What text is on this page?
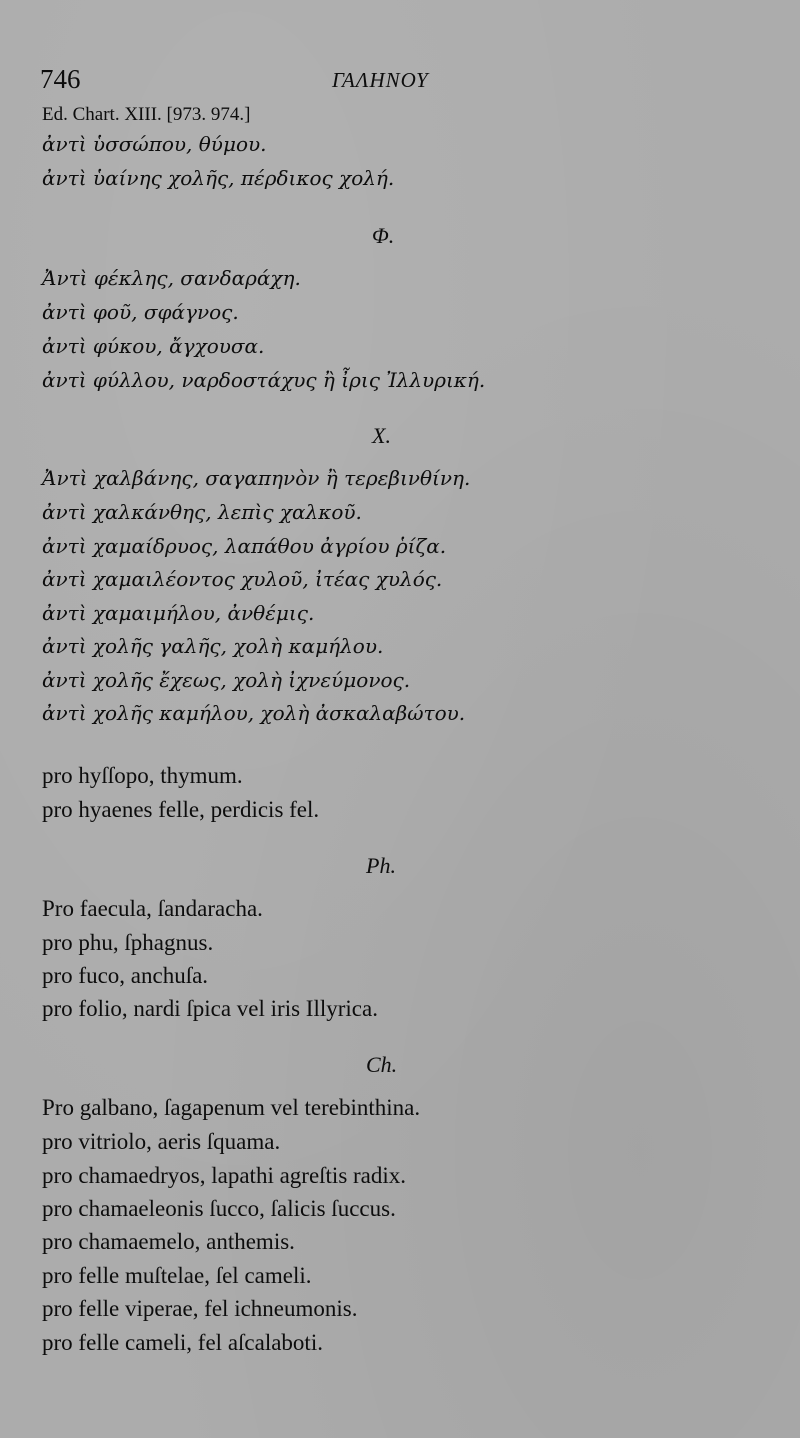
746	ΓΑΛΗΝΟΥ
Ed. Chart. XIII. [973. 974.]
ἀντὶ ὑσσώπου, θύμου.
ἀντὶ ὑαίνης χολῆς, πέρδικος χολή.
Φ.
Ἀντὶ φέκλης, σανδαράχη.
ἀντὶ φοῦ, σφάγνος.
ἀντὶ φύκου, ἄγχουσα.
ἀντὶ φύλλου, ναρδοστάχυς ἢ ἶρις Ἰλλυρική.
Χ.
Ἀντὶ χαλβάνης, σαγαπηνὸν ἢ τερεβινθίνη.
ἀντὶ χαλκάνθης, λεπὶς χαλκοῦ.
ἀντὶ χαμαίδρυος, λαπάθου ἀγρίου ῥίζα.
ἀντὶ χαμαιλέοντος χυλοῦ, ἰτέας χυλός.
ἀντὶ χαμαιμήλου, ἀνθέμις.
ἀντὶ χολῆς γαλῆς, χολὴ καμήλου.
ἀντὶ χολῆς ἔχεως, χολὴ ἰχνεύμονος.
ἀντὶ χολῆς καμήλου, χολὴ ἀσκαλαβώτου.
pro hyſſopo, thymum.
pro hyaenes felle, perdicis fel.
Ph.
Pro faecula, ſandaracha.
pro phu, ſphagnus.
pro fuco, anchuſa.
pro folio, nardi ſpica vel iris Illyrica.
Ch.
Pro galbano, ſagapenum vel terebinthina.
pro vitriolo, aeris ſquama.
pro chamaedryos, lapathi agreſtis radix.
pro chamaeleonis ſucco, ſalicis ſuccus.
pro chamaemelo, anthemis.
pro felle muſtelae, ſel cameli.
pro felle viperae, fel ichneumonis.
pro felle cameli, fel aſcalaboti.
